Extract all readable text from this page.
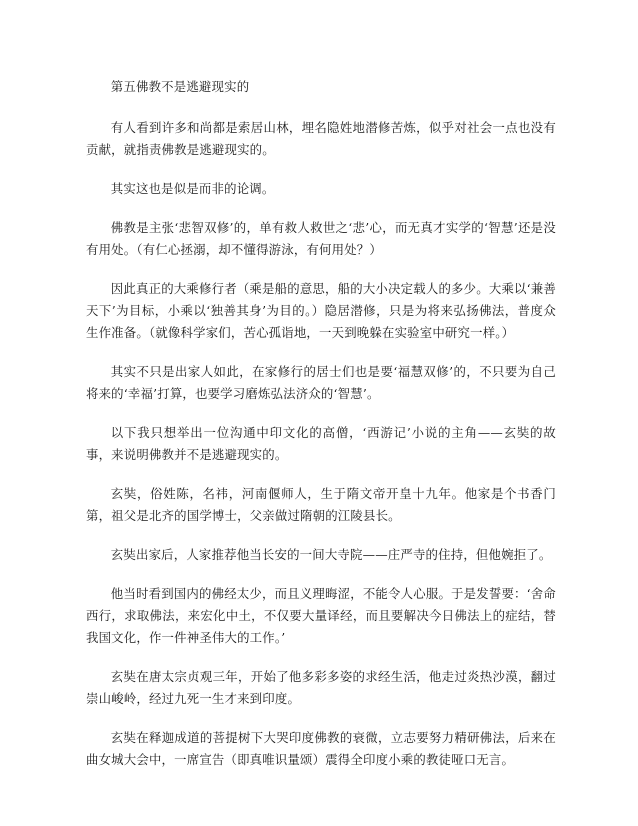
第五佛教不是逃避现实的

有人看到许多和尚都是索居山林，埋名隐姓地潜修苦炼，似乎对社会一点也没有贡献，就指责佛教是逃避现实的。

其实这也是似是而非的论调。

佛教是主张‘悲智双修’的，单有救人救世之‘悲’心，而无真才实学的‘智慧’还是没有用处。（有仁心拯溺，却不懂得游泳，有何用处？）

因此真正的大乘修行者（乘是船的意思，船的大小决定载人的多少。大乘以‘兼善天下’为目标，小乘以‘独善其身’为目的。）隐居潜修，只是为将来弘扬佛法，普度众生作准备。（就像科学家们，苦心孤诣地，一天到晚躲在实验室中研究一样。）

其实不只是出家人如此，在家修行的居士们也是要‘福慧双修’的，不只要为自己将来的‘幸福’打算，也要学习磨炼弘法济众的‘智慧’。

以下我只想举出一位沟通中印文化的高僧，‘西游记’小说的主角——玄奘的故事，来说明佛教并不是逃避现实的。

玄奘，俗姓陈，名祎，河南偃师人，生于隋文帝开皇十九年。他家是个书香门第，祖父是北齐的国学博士，父亲做过隋朝的江陵县长。

玄奘出家后，人家推荐他当长安的一间大寺院——庄严寺的住持，但他婉拒了。

他当时看到国内的佛经太少，而且义理晦涩，不能令人心服。于是发誓要：‘舍命西行，求取佛法，来宏化中土，不仅要大量译经，而且要解决今日佛法上的症结，替我国文化，作一件神圣伟大的工作。’

玄奘在唐太宗贞观三年，开始了他多彩多姿的求经生活，他走过炎热沙漠，翻过崇山峻岭，经过九死一生才来到印度。

玄奘在释迦成道的菩提树下大哭印度佛教的衰微，立志要努力精研佛法，后来在曲女城大会中，一席宣告（即真唯识量颂）震得全印度小乘的教徒哑口无言。
